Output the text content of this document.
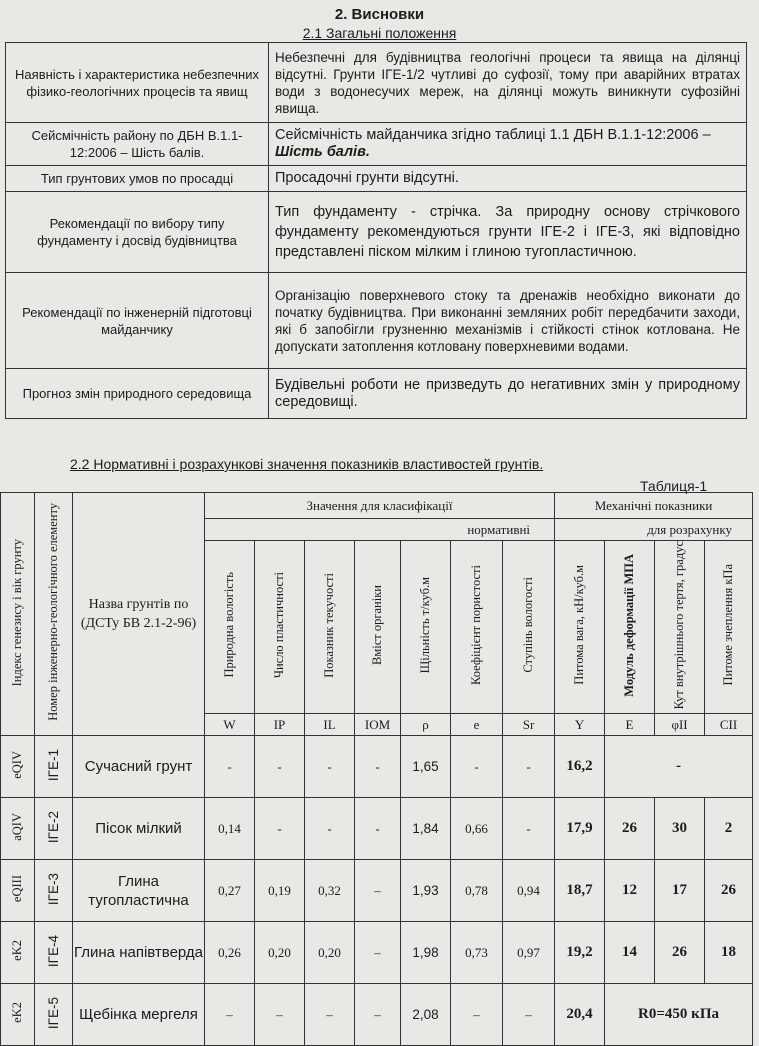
2. Висновки
2.1 Загальні положення
Наявність і характеристика небезпечних фізико-геологічних процесів та явищ	Небезпечні для будівництва геологічні процеси та явища на ділянці відсутні. Грунти ІГЕ-1/2 чутливі до суфозії, тому при аварійних втратах води з водонесучих мереж, на ділянці можуть виникнути суфозійні явища.
Сейсмічність району по ДБН В.1.1-12:2006 – Шість балів.	Сейсмічність майданчика згідно таблиці 1.1 ДБН В.1.1-12:2006 – Шість балів.
Тип грунтових умов по просадці	Просадочні грунти відсутні.
Рекомендації по вибору типу фундаменту і досвід будівництва	Тип фундаменту - стрічка. За природну основу стрічкового фундаменту рекомендуються грунти ІГЕ-2 і ІГЕ-3, які відповідно представлені піском мілким і глиною тугопластичною.
Рекомендації по інженерній підготовці майданчику	Організацію поверхневого стоку та дренажів необхідно виконати до початку будівництва. При виконанні земляних робіт передбачити заходи, які б запобігли грузненню механізмів і стійкості стінок котлована. Не допускати затоплення котловану поверхневими водами.
Прогноз змін природного середовища	Будівельні роботи не призведуть до негативних змін у природному середовищі.
2.2 Нормативні і розрахункові значення показників властивостей грунтів.
Таблиця-1
Індекс генезису і вік грунту	Номер інженерно-геологічного елементу	Назва грунтів по (ДСТу БВ 2.1-2-96)	Значення для класифікації							Механічні показники			
			нормативні							для розрахунку			
			Природна вологість	Число пластичності	Показник текучості	Вміст органіки	Щільність т/куб.м	Коефіцієнт пористості	Ступінь вологості	Питома вага, кН/куб.м	Модуль деформації МПА	Кут внутрішнього тертя, градус	Питоме зчеплення кПа
			W	IP	IL	IOM	ρ	e	Sr	Y	E	φII	CII
eQIV	ІГЕ-1	Сучасний грунт	-	-	-	-	1,65	-	-	16,2	-		
aQIV	ІГЕ-2	Пісок мілкий	0,14	-	-	-	1,84	0,66	-	17,9	26	30	2
eQIII	ІГЕ-3	Глина тугопластична	0,27	0,19	0,32	–	1,93	0,78	0,94	18,7	12	17	26
eK2	ІГЕ-4	Глина напівтверда	0,26	0,20	0,20	–	1,98	0,73	0,97	19,2	14	26	18
eK2	ІГЕ-5	Щебінка мергеля	–	–	–	–	2,08	–	–	20,4	R0=450 кПа		
